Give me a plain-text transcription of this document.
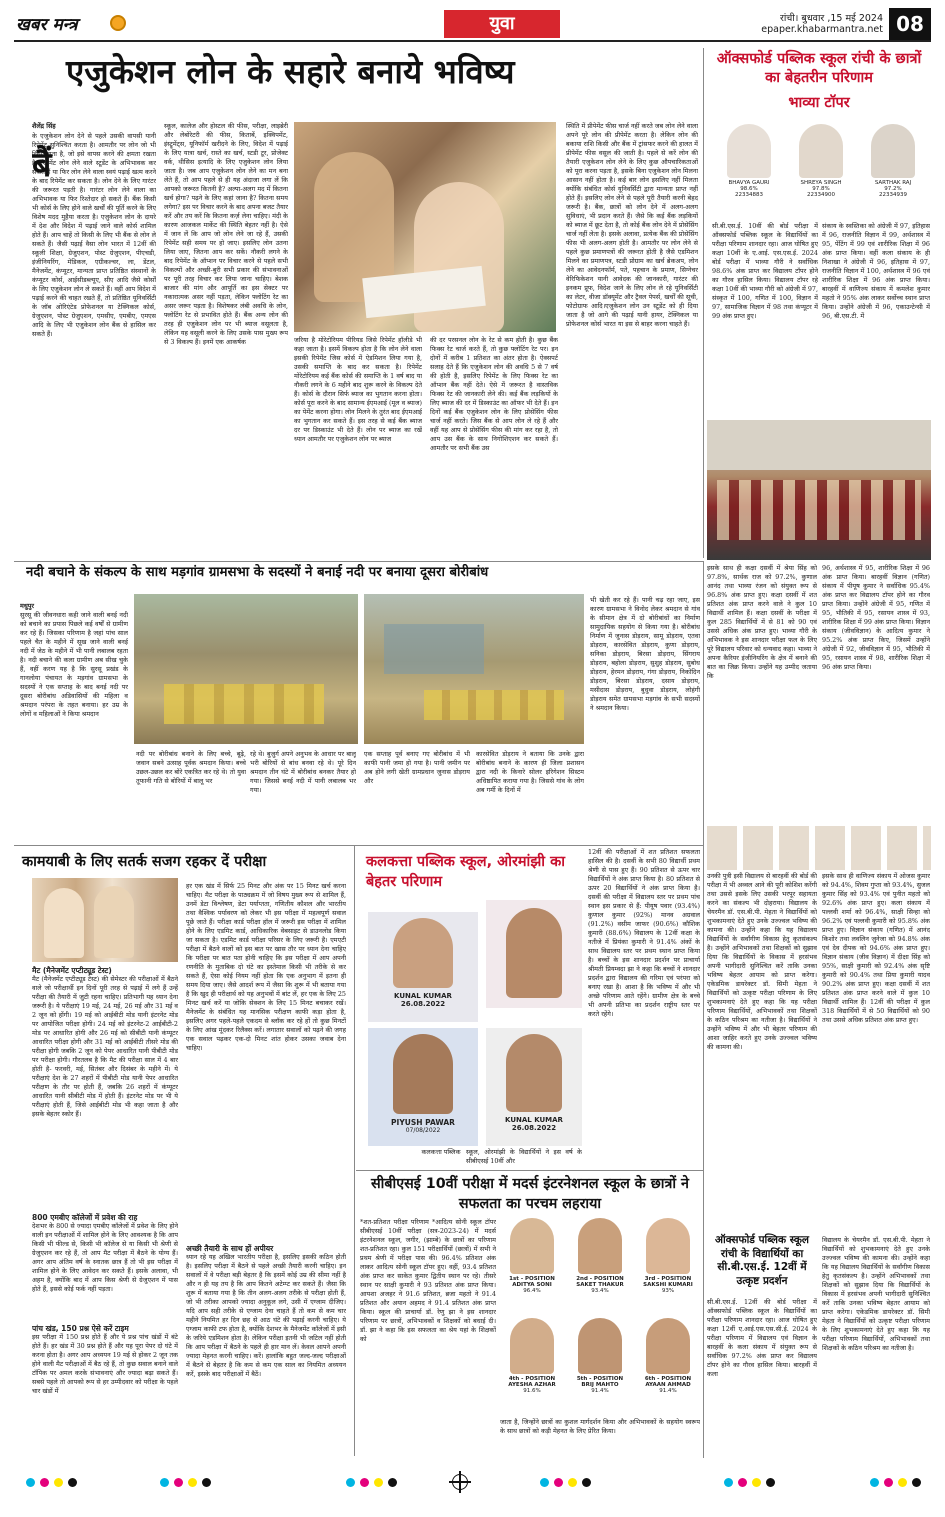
खबर मन्त्र	युवा	रांची। बुधवार ,15 मई 2024
epaper.khabarmantra.net 08
एजुकेशन लोन के सहारे बनाये भविष्य
शैलेंद्र सिंह
बैं
के एजुकेशन लोन देने से पहले उसकी वापसी यानी रिपेमेंट सुनिश्चित करता है। आमतौर पर लोन जो भी दिया जाता है, जो इसे वापस करने की क्षमता रखता है। रिपेमेंट लोन लेने वाले स्टूडेंट के अभिभावक कर सकते हैं या फिर लोन लेने वाला स्वयं पढ़ाई खत्म करने के बाद रिपेमेंट कर सकता है। लोन देने के लिए गारंटर की जरूरत पड़ती है। गारंटर लोन लेने वाला का अभिभावक या फिर रिश्तेदार हो सकते हैं। बैंक किसी भी कोर्स के लिए होने वाले खर्चों की पूर्ति करने के लिए विशेष मदद मुहैया करता है। एजुकेशन लोन के दायरे में देश और विदेश में पढ़ाई जाने वाले कोर्स शामिल होते हैं। आप चाहें तो किसी के लिए भी बैंक से लोन ले सकते हैं। जैसी पढ़ाई वैसा लोन भारत में 12वीं की स्कूली शिक्षा, ग्रेजुएशन, पोस्ट ग्रेजुएशन, पीएचडी, इंजीनियरिंग, मेडिकल, एग्रीकल्चर, ला, डेंटल, मैनेजमेंट, कंप्यूटर, मान्यता प्राप्त प्रतिष्ठित संस्थानों के कंप्यूटर कोर्स, आईसीडब्ल्यूए, सीए आदि जैसे कोर्सों के लिए एजुकेशन लोन ले सकते हैं। वहीं आप विदेश में पढ़ाई करने की चाहत रखते हैं, तो प्रतिष्ठित यूनिवर्सिटी के जॉब ओरिएंटेड प्रोफेशनल या टेक्निकल कोर्स, ग्रेजुएशन, पोस्ट ग्रेजुएशन, एमसीए, एमबीए, एमएस आदि के लिए भी एजुकेशन लोन बैंक से हासिल कर सकते हैं।
स्कूल, कालेज और होस्टल की फीस, परीक्षा, लाइब्रेरी और लेबोरेटरी की फीस, किताबें, इक्विपमेंट, इंस्ट्रूमेंट्स, यूनिफॉर्म खरीदने के लिए, विदेश में पढ़ाई के लिए यात्रा खर्च, रास्ते का खर्च, स्टडी टूर, प्रोजेक्ट वर्क, थीसिस इत्यादि के लिए एजुकेशन लोन लिया जाता है। जब आप एजुकेशन लोन लेने का मन बना लेते हैं, तो आप पहले से ही यह अंदाजा लगा लें कि आपको जरूरत कितनी है? अल्पा-अलग मद में कितना खर्च होगा? पढ़ने के लिए कहां जाना है? कितना समय लगेगा? इस पर विचार करने के बाद अपना बजट तैयार करें और तय करें कि कितना कर्ज़ लेना चाहिए। मंदी के कारण आजकल मार्केट की स्थिति बेहतर नहीं है। ऐसे में जान लें कि आप जो लोन लेने जा रहे हैं, उसकी रिपेमेंट सही समय पर हो जाए। इसलिए लोन उतना लिया जाए, जितना आप कर सकें। नौकरी लगने के बाद रिपेमेंट के ऑप्शन पर विचार करने से पहले सभी विकल्पों और अच्छी-बुरी सभी प्रकार की संभावनाओं पर पूरी तरह विचार कर लिया जाना चाहिए। बेशक बाजार की मांग और आपूर्ति का इस सेक्टर पर नकारात्मक असर नहीं पड़ता, लेकिन फ्लोटिंग रेट का असर जरूर पड़ता है। विशेषकर लंबी अवधि के लोन, फ्लोटिंग रेट से प्रभावित होते हैं। बैंक अन्य लोन की तरह ही एजुकेशन लोन पर भी ब्याज वसूलता है, लेकिन यह वसूली करने के लिए उसके पास मुख्य रूप से 3 विकल्प हैं। इनमें एक आकर्षक	जरिया है मोरेटोरियम पीरियड जिसे रिपेमेंट हॉलीडे भी कहा जाता है। इसमें विकल्प होता है कि लोन लेने वाला इसकी रिपेमेंट जिस कोर्स में ऐडमिशन लिया गया है, उसकी समाप्ति के बाद कर सकता है। रिपेमेंट मोरेटोरियम कई बैंक कोर्स की समाप्ति के 1 वर्ष बाद या नौकरी लगने के 6 महीने बाद शुरू करने के विकल्प देते हैं। कोर्स के दौरान सिर्फ ब्याज का भुगतान करना होता। कोर्स पूरा करने के बाद सामान्य ईएमआई (मूल व ब्याज) का पेमेंट करना होगा। लोन मिलने के तुरंत बाद ईएमआई का भुगतान कर सकते हैं। इस तरह से कई बैंक ब्याज दर पर डिस्काउंट भी देते हैं। लोन पर ब्याज का रखें ध्यान आमतौर पर एजुकेशन लोन पर ब्याज
की दर परसनल लोन के रेट से कम होती है। कुछ बैंक फिक्स रेट चार्ज करते हैं, तो कुछ फ्लोटिंग रेट पर। इन दोनों में करीब 1 प्रतिशत का अंतर होता है। ऐक्सपर्ट सलाह देते हैं कि एजुकेशन लोन की अवधि 5 से 7 वर्ष की होती है, इसलिए रिपेमेंट के लिए फिक्स रेट का ऑप्शन बैंक नहीं देते। ऐसे में जरूरत है वास्तविक फिक्स रेट की जानकारी लेने की। कई बैंक लड़कियों के लिए ब्याज की दर में डिस्काउंट का ऑफर भी देते हैं। इन दिनों कई बैंक एजुकेशन लोन के लिए प्रोसेसिंग फीस चार्ज नहीं करते। जिस बैंक से आप लोन ले रहे हैं और वहीं यह आप से प्रोसेसिंग फीस की मांग कर रहा है, तो आप उस बैंक के साथ निगोशिएशन कर सकते हैं। आमतौर पर सभी बैंक उस
स्थिति में प्रीपेमेंट फीस चार्ज नहीं करते जब लोन लेने वाला अपने पूरे लोन की प्रीपेमेंट करता है। लेकिन लोन की बकाया राशि किसी और बैंक में ट्रांसफर करने की हालत में प्रीपेमेंट फीस वसूल की जाती है। पहले से करें लोन की तैयारी एजुकेशन लोन लेने के लिए कुछ औपचारिकताओं को पूरा करना पड़ता है, इसके बिना एजुकेशन लोन मिलना आसान नहीं होता है। कई बार लोन इसलिए नहीं मिलता क्योंकि संबंधित कोर्स यूनिवर्सिटी द्वारा मान्यता प्राप्त नहीं होते हैं। इसलिए लोन लेने से पहले पूरी तैयारी करनी बेहद जरूरी है। बैंक, छात्रों को लोन देने में अलग-अलग सुविधाएं, भी प्रदान करते हैं। जैसे कि कई बैंक लड़कियों को ब्याज में छूट देता है, तो कोई बैंक लोन देने में प्रोसेसिंग चार्ज नहीं लेता है। इसके अलावा, प्रत्येक बैंक की प्रोसेसिंग फीस भी अलग-अलग होती है। आमतौर पर लोन लेने से पहले कुछ प्रमाणपत्रों की जरूरत होती है जैसे एडमिशन मिलने का प्रमाणपत्र, स्टडी प्रोग्राम का खर्च ब्रेकअप, लोन लेने का आवेदनफॉर्म, पते, पहचान के प्रमाण, सिग्नेचर वेरिफिकेशन यानी आवेदक की जानकारी, गारंटर की इनकम प्रूफ, विदेश जाने के लिए लोन ले रहे यूनिवर्सिटी का लेटर, वीजा डॉक्यूमेंट और ट्रैवल पेपर्स, खर्चों की सूची, फोटोग्राफ आदि।एजुकेशन लोन उन स्टूडेंट को ही दिया जाता है जो आगे की पढ़ाई यानी हायर, टेक्निकल या प्रोफेशनल कोर्स भारत या इस से बाहर करना चाहते हैं।
ऑक्सफोर्ड पब्लिक स्कूल रांची के छात्रों का बेहतरीन परिणाम
भाव्या टॉपर
BHAVYA GAURI
98.6%
22334883
SHREYA SINGH
97.8%
22334900
SARTHAK RAJ
97.2%
22334939
सी.बी.एस.ई. 10वीं की बोर्ड परीक्षा में ऑक्सफोर्ड पब्लिक स्कूल के विद्यार्थियों का परीक्षा परिणाम शानदार रहा। आज घोषित हुए कक्षा 10वीं के ए.आई. एस.एस.ई. 2024 बोर्ड परीक्षा में भाव्या गौरी ने सर्वाधिक 98.6% अंक प्राप्त कर विद्यालय टॉपर होने का गौरव हासिल किया। विद्यालय टॉपर रहे कक्षा 10वीं की भाव्या गौरी को अंग्रेजी में 97, संस्कृत में 100, गणित में 100, विज्ञान में 97, सामाजिक विज्ञान में 98 तथा कंप्यूटर में 99 अंक प्राप्त हुए।
संकाय के स्वस्तिका को अंग्रेजी में 97, इतिहास में 96, राजनीति विज्ञान में 99, अर्थशास्त्र में 95, पेंटिंग में 99 एवं शारीरिक शिक्षा में 96 अंक प्राप्त किया। वहीं कला संकाय के ही निशाखा ने अंग्रेजी में 96, इतिहास में 97, राजनीति विज्ञान में 100, अर्थशास्त्र में 96 एवं शारीरिक शिक्षा में 96 अंक प्राप्त किया। बारहवीं में वाणिज्य संकाय में कमलेश कुमार महतो ने 95% अंक लाकर सर्वोच्च स्थान प्राप्त किया। उन्होंने अंग्रेजी में 96, एकाउन्टेन्सी में 96, बी.एस.टी. में
इसके साथ ही कक्षा दसवीं में श्रेया सिंह को 97.8%, सार्थक राज को 97.2%, कुणाल आनंद तथा भाव्या रंजन को संयुक्त रूप से 96.8% अंक प्राप्त हुए। कक्षा दसवीं में शत प्रतिशत अंक प्राप्त करने वाले ने कुल 10 विद्यार्थी शामिल हैं। कक्षा दसवीं के परीक्षा में कुल 285 विद्यार्थियों में से 81 को 90 एवं उससे अधिक अंक प्राप्त हुए। भाव्या गौरी के अभिभावक ने इस शानदार परीक्षा फल के लिए पूरे विद्यालय परिवार को धन्यवाद कहा। भाव्या ने अपना कैरियर इंजीनियरिंग के क्षेत्र में बनाने की बात का जिक्र किया। उन्होंने यह उम्मीद जताया कि
96, अर्थशास्त्र में 95, शारीरिक शिक्षा में 96 अंक प्राप्त किया। बारहवीं विज्ञान (गणित) संकाय में पीयूष कुमार ने सर्वाधिक 95.4% अंक प्राप्त कर विद्यालय टॉपर होने का गौरव प्राप्त किया। उन्होंने अंग्रेजी में 95, गणित में 95, भौतिकी में 95, रसायन शास्त्र में 93, शारीरिक शिक्षा में 99 अंक प्राप्त किया। विज्ञान संकाय (जीवविज्ञान) के आदित्य कुमार ने 95.2% अंक प्राप्त किए, जिसमें उन्होंने अंग्रेजी में 92, जीवविज्ञान में 95, भौतिकी में 95, रसायन शास्त्र में 98, शारीरिक शिक्षा में 96 अंक प्राप्त किया।
नदी बचाने के संकल्प के साथ मड़गांव ग्रामसभा के सदस्यों ने बनाई नदी पर बनाया दूसरा बोरीबांध
मधुपुर
सुरसू की जीवनधारा कही जाने वाली बनई नदी को बचाने का प्रयास पिछले कई वर्षों से ग्रामीण कर रहे हैं। जिसका परिणाम है जहां पांच साल पहले चैत के महीने में सूख जाने वाली बनई नदी में जेठ के महीने में भी पानी लबालब रहता है। नदी बचाने की कला ग्रामीण अब सीख चुके हैं, वहीं करण यह है कि सुरसू प्रखंड के गानलोया पंचायत के मड़गांव ग्रामसभा के सदस्यों ने एक सप्ताह के बाद बनई नदी पर दूसरा बोरीबांध अडिवासियों की महिला व श्रमदान परंपरा के तहत बनाया। हर उम्र के लोगों व महिलाओं ने किया श्रमदान
नदी पर बोरीबांध बनाने के लिए बच्चे, बूढ़े, जवान सबने उत्साह पूर्वक श्रमदान किया। बच्चे उछल-उछल कर बोरे एकत्रित कर रहे थे। तो युवा तूफानी गति से बोरियों में बालू भर
रहे थे। बुजुर्ग अपने अनुभव के आधार पर बालू भरी बोरियों से बांध बनवा रहे थे। पूरे दिन श्रमदान तीन घंटे में बोरीबांध बनकर तैयार हो गया। जिससे बनई नदी में पानी लबालब भर गया।
एक सप्ताह पूर्व बनाए गए बोरीबांध में भी काफी पानी जमा हो गया है। पानी जमीन पर अब होने लगी खेती ग्रामप्रधान जुनास डोड़राय और
कारसेवित डोड़राय ने बताया कि उनके द्वारा बोरीबांध बनाने के कारण ही जिला प्रशासन द्वारा नदी के किनारे सोलर इरिगेशन सिस्टम अधिष्ठापित कराया गया है। जिससे गांव के लोग अब गर्मी के दिनों में
भी खेती कर रहे हैं। पानी चढ़ रहा जाए, इस कारण ग्रामसभा ने विनोद लेकर श्रमदान से गांव के सीमान क्षेत्र में दो बोरीबांधों का निर्माण सामुदायिक सहयोग से किया गया है। बोरीबांध निर्माण में जुनास डोड़राय, सामू डोड़राय, एतवा डोड़राय, कारसेवित डोड़राय, कुणा डोड़राय, सनिका डोड़राय, बिरसा डोड़राय, सिंगराय डोड़राय, बहोला डोड़राय, सुशुह डोड़राय, सुबोध डोड़राय, हेरमन डोड़राय, गंगा डोड़राय, निकोदिन डोड़राय, बिरसा डोड़राय, दसाय डोड़राय, मसीदास डोड़राय, बुधुवा डोड़राय, लोहंगी डोड़राय समेत ग्रामसभा मड़गांव के सभी सदस्यों ने श्रमदान किया।
उनकी पुत्री इसी विद्यालय से बारहवीं की बोर्ड की परीक्षा में भी अव्वल आने की पूरी कोशिश करेंगी तथा उससे इसके लिए उसकी भरपूर सहायता करने का संकल्प भी दोहराया। विद्यालय के चेयरमैन डॉ. एस.बी.पी. मेहता ने विद्यार्थियों को शुभकामनाएं देते हुए उनके उज्ज्वल भविष्य की कामना की। उन्होंने कहा कि यह विद्यालय विद्यार्थियों के सर्वांगीण विकास हेतु कृतसंकल्प है। उन्होंने अभिभावकों तथा शिक्षकों को सुझाव दिया कि विद्यार्थियों के विकास में हरसंभव अपनी भागीदारी सुनिश्चित करें ताकि उनका भविष्य बेहतर आयाम को प्राप्त करेगा। एकेडमिक डायरेक्टर डॉ. सिमी मेहता ने विद्यार्थियों को उत्कृष्ट परीक्षा परिणाम के लिए शुभकामनाएं देते हुए कहा कि यह परीक्षा परिणाम विद्यार्थियों, अभिभावकों तथा शिक्षकों के कठिन परिश्रम का नतीजा है। विद्यार्थियों ने उन्होंने भविष्य में और भी बेहतर परिणाम की आशा जाहिर करते हुए उनके उज्ज्वल भविष्य की कामना की।
इसके साथ ही वाणिज्य संकाय में ओजस कुमार को 94.4%, शिवम गुप्ता को 93.4%, सुजल कुमार सिंह को 93.4% एवं पुनीत महतो को 92.6% अंक प्राप्त हुए। कला संकाय में पल्लवी शर्मा को 96.4%, साक्षी सिन्हा को 96.2% एवं पल्लवी कुमारी को 95.8% अंक प्राप्त हुए। विज्ञान संकाय (गणित) में आनंद किशोर तथा लवलिन जुनेजा को 94.8% अंक एवं देव दीपक को 94.6% अंक प्राप्त हुए। विज्ञान संकाय (जीव विज्ञान) में दीक्षा सिंह को 95%, साक्षी कुमारी को 92.4% अंक सृष्टि कुमारी को 90.4% तथा प्रिया कुमारी यादव 90.2% अंक प्राप्त हुए। कक्षा दसवीं में शत प्रतिशत अंक प्राप्त करने वाले में कुल 10 विद्यार्थी शामिल हैं। 12वीं की परीक्षा में कुल 318 विद्यार्थियों में से 50 विद्यार्थियों को 90 तथा उससे अधिक प्रतिशत अंक प्राप्त हुए।
ऑक्सफोर्ड पब्लिक स्कूल रांची के विद्यार्थियों का सी.बी.एस.ई. 12वीं में उत्कृष्ट प्रदर्शन
सी.बी.एस.ई. 12वीं की बोर्ड परीक्षा में ऑक्सफोर्ड पब्लिक स्कूल के विद्यार्थियों का परीक्षा परिणाम शानदार रहा। आज घोषित हुए कक्षा 12वीं ए.आई.एस.एस.सी.ई. 2024 के परीक्षा परिणाम में विद्यालय एवं विज्ञान के बारहवीं के कला संकाय में संयुक्त रूप से सर्वाधिक 97.2% अंक प्राप्त कर विद्यालय टॉपर होने का गौरव हासिल किया। बारहवीं में कला
विद्यालय के चेयरमैन डॉ. एस.बी.पी. मेहता ने विद्यार्थियों को शुभकामनाएं देते हुए उनके उज्ज्वल भविष्य की कामना की। उन्होंने कहा कि यह विद्यालय विद्यार्थियों के सर्वांगीण विकास हेतु कृतसंकल्प है। उन्होंने अभिभावकों तथा शिक्षकों को सुझाव दिया कि विद्यार्थियों के विकास में हरसंभव अपनी भागीदारी सुनिश्चित करें ताकि उनका भविष्य बेहतर आयाम को प्राप्त करेगा। एकेडमिक डायरेक्टर डॉ. सिमी मेहता ने विद्यार्थियों को उत्कृष्ट परीक्षा परिणाम के लिए शुभकामनाएं देते हुए कहा कि यह परीक्षा परिणाम विद्यार्थियों, अभिभावकों तथा शिक्षकों के कठिन परिश्रम का नतीजा है।
कामयाबी के लिए सतर्क सजग रहकर दें परीक्षा
मैट (मैनेजमेंट एप्टीट्यूड टेस्ट)
मैट (मैनेजमेंट एप्टीट्यूड टेस्ट) की सेमेस्टर की परीक्षाओं में बैठने वाले जो परीक्षार्थी इन दिनों पूरी तरह से पढ़ाई में लगे हैं उन्हें परीक्षा की तैयारी में जुटी रहना चाहिए। प्रतिभागी यह ध्यान देना जरूरी है। ये परीक्षाएं 19 मई, 24 मई, 26 मई और 31 मई व 2 जून को होंगी। 19 मई को आईबीटी मोड यानी इंटरनेट मोड पर आयोजित परीक्षा होगी। 24 मई को इंटरनेट-2 आईबीटी-2 मोड पर आधारित होगी और 26 मई को सीबीटी यानी कंप्यूटर आधारित परीक्षा होगी और 31 मई को आईबीटी तीसरे मोड की परीक्षा होगी जबकि 2 जून को पेपर आधारित यानी पीबीटी मोड पर परीक्षा होगी। गौरतलब है कि मैट की परीक्षा साल में 4 बार होती है- फरवरी, मई, सितंबर और दिसंबर के महीने में। ये परीक्षाएं देश के 27 शहरों में पीबीटी मोड यानी पेपर आधारित परीक्षण के तौर पर होती हैं, जबकि 26 शहरों में कंप्यूटर आधारित यानी सीबीटी मोड में होती हैं। इंटरनेट मोड पर भी ये परीक्षाएं होती हैं, जिसे आईबीटी मोड भी कहा जाता है और इसके बेहतर स्कोर हैं।
800 एमबीए कॉलेजों में प्रवेश की राह
देशभर के 800 से ज्यादा एमबीए कॉलेजों में प्रवेश के लिए होने वाली इन परीक्षाओं में शामिल होने के लिए आवश्यक है कि आप किसी भी फील्ड से, किसी भी कॉलेज से या किसी भी श्रेणी से ग्रेजुएशन कर रहे हैं, तो आप मैट परीक्षा में बैठने के योग्य हैं। अगर आप अंतिम वर्ष के स्नातक छात्र हैं तो भी इस परीक्षा में शामिल होने के लिए आवेदन कर सकते हैं। इसके अलावा, भी अहम है, क्योंकि बाद में आप किस श्रेणी से ग्रेजुएशन में पास होते हैं, इससे कोई फर्क नहीं पड़ता।
पांच खंड, 150 प्रश्न ऐसे करें टाइम
इस परीक्षा में 150 प्रश्न होते हैं और ये प्रश्न पांच खंडों में बंटे होते हैं। हर खंड में 30 प्रश्न होते हैं और यह पूरा पेपर दो घंटे में करना होता है। अगर आप अध्ययन 19 मई से होकर 2 जून तक होने वाली मैट परीक्षाओं में बैठ रहे हैं, तो कुछ सवाल बनाने वाले टॉपिक पर अमल करके संभावनाएं और ज्यादा बढ़ा सकते हैं। सबसे पहले तो आपको रूप से हर उम्मीदवार को परीक्षा के पहले चार खंडों में
हर एक खंड में सिर्फ 25 मिनट और अंक पर 15 मिनट खर्च करना चाहिए। मैट परीक्षा के पाठ्यक्रम में जो विषय मुख्य रूप से शामिल हैं, उनमें डेटा विश्लेषण, डेटा पर्याप्तता, गणितीय कौशल और भारतीय तथा वैश्विक पर्यावरण को लेकर भी इस परीक्षा में महत्वपूर्ण सवाल पूछे जाते हैं। परीक्षा कार्ड परीक्षा हॉल में जरूरी इस परीक्षा में शामिल होने के लिए एडमिट कार्ड, आधिकारिक वेबसाइट से डाउनलोड किया जा सकता है। एडमिट कार्ड परीक्षा परिसर के लिए जरूरी है। एमएटी परीक्षा में बैठने वालों को इस बात पर खास तौर पर ध्यान देना चाहिए कि परीक्षा पर बात पता होनी चाहिए कि इस परीक्षा में आप अपनी रणनीति के मुताबिक दो घंटे का इस्तेमाल किसी भी तरीके से कर सकते हैं, ऐसा कोई नियम नहीं होता कि एक अनुभाग में इतना ही समय दिया जाए। जैसे आदर्श रूप में जैसा कि शुरू में भी बताया गया है कि खुद ही परीक्षार्थ को यह अनुभवों में बांट लें, हर एक के लिए 25 मिनट खर्च करें या जोकि सेक्शन के लिए 15 मिनट बचाकर रखें। मैनेजमेंट के संबंधित यह मानसिक परीक्षण काफी कड़ा होता है, इसलिए अगर पहले-पहले एकदम से ब्लॉक कर रहे हों तो कुछ मिनटों के लिए आंख मूंदकर रिलैक्स करें। लगातार सवालों को पढ़ने की जगह एक सवाल पढ़कर एक-दो मिनट शांत होकर उसका जवाब देना चाहिए।
अच्छी तैयारी के साथ हों अपीयर
ध्यान रहे यह अखिल भारतीय परीक्षा है, इसलिए इसकी कठिन होती है। इसलिए परीक्षा में बैठने से पहले अच्छी तैयारी करनी चाहिए। इन सवालों में वे परीक्षा बड़ी बेहतर है कि इसमें कोई उम्र की सीमा नहीं है और न ही यह तय है कि आप कितने अटेम्प्ट कर सकते हैं। जैसा कि शुरू में बताया गया है कि तीन अलग-अलग तरीके से परीक्षा होती हैं, जो भी तरीका आपको ज्यादा अनुकूल लगे, उसी में एग्जाम दीजिए। यदि आप सही तरीके से एग्जाम देना चाहते हैं तो कम से कम चार महीने नियमित हर दिन छह से आठ घंटे की पढ़ाई करनी चाहिए। ये एग्जाम काफी टफ होता है, क्योंकि देशभर के मैनेजमेंट कॉलेजों में इसी के जरिये एडमिशन होता है। लेकिन परीक्षा इतनी भी जटिल नहीं होती कि आप परीक्षा में बैठने के पहले ही हार मान लें। केवल आपने अपनी ज्यादा मेहनत करनी चाहिए। करें। हालांकि बहुत जल्द-जल्द परीक्षाओं में बैठने से बेहतर है कि कम से कम एक साल का नियमित अध्ययन करें, इसके बाद परीक्षाओं में बैठें।
कलकत्ता पब्लिक स्कूल, ओरमांझी का बेहतर परिणाम
KUNAL KUMAR
26.08.2022
PIYUSH PAWAR
07/08/2022
KUNAL KUMAR
26.08.2022
कलकत्ता पब्लिक स्कूल, ओरमांझी के विद्यार्थियों ने इस वर्ष के सीबीएसई 10वीं और
12वीं की परीक्षाओं में शत प्रतिशत सफलता हासिल की है। दसवीं के सभी 80 विद्यार्थी प्रथम श्रेणी से पास हुए हैं। 90 प्रतिशत से ऊपर चार विद्यार्थियों ने अंक प्राप्त किया है। 80 प्रतिशत से ऊपर 20 विद्यार्थियों ने अंक प्राप्त किया है। दसवीं की परीक्षा में विद्यालय स्तर पर प्रथम पांच स्थान इस प्रकार से हैं: पीयूष पवार (93.4%) कुणाल कुमार (92%) मानव अग्रवाल (91.2%) वसीम जाफर (90.6%) कौशिक कुमारी (88.6%) विद्यालय के 12वीं कक्षा के नतीजे में प्रियंका कुमारी ने 91.4% अंकों के साथ विद्यालय स्तर पर प्रथम स्थान प्राप्त किया है। बच्चों के इस शानदार प्रदर्शन पर प्राचार्या श्रीमती प्रियम्वदा झा ने कहा कि बच्चों ने शानदार प्रदर्शन द्वारा विद्यालय की गरिमा एवं परंपरा को बनाए रखा है। आशा है कि भविष्य में और भी अच्छे परिणाम आते रहेंगे। ग्रामीण क्षेत्र के बच्चे भी अपनी प्रतिभा का प्रदर्शन राष्ट्रीय स्तर पर करते रहेंगे।
सीबीएसई 10वीं परीक्षा में मदर्स इंटरनेशनल स्कूल के छात्रों ने सफलता का परचम लहराया
*शत-प्रतिशत परीक्षा परिणाम *आदित्य सोनी स्कूल टॉपर सीबीएसई 10वीं परीक्षा (सत्र-2023-24) में मदर्स इंटरनेशनल स्कूल, जगीर, (झाम्बे) के छात्रों का परिणाम शत-प्रतिशत रहा। कुल 151 परीक्षार्थियों (छात्रों) में सभी ने प्रथम श्रेणी में परीक्षा पास की। 96.4% प्रतिशत अंक लाकर आदित्य सोनी स्कूल टॉपर हुए। वहीं, 93.4 प्रतिशत अंक प्राप्त कर साकेत कुमार द्वितीय स्थान पर रहे। तीसरे स्थान पर साक्षी कुमारी ने 93 प्रतिशत अंक प्राप्त किया। आयशा अजहर ने 91.6 प्रतिशत, ब्रजा महतो ने 91.4 प्रतिशत और अयान अहमद ने 91.4 प्रतिशत अंक प्राप्त किया। स्कूल की प्राचार्या डॉ. रेणु झा ने इस शानदार परिणाम पर छात्रों, अभिभावकों व शिक्षकों को बधाई दी। डॉ. झा ने कहा कि इस सफलता का श्रेय यहां के शिक्षकों को
1st - POSITION
ADITYA SONI
96.4%
2nd - POSITION
SAKET THAKUR
93.4%
3rd - POSITION
SAKSHI KUMARI
93%
4th - POSITION
AYESHA AZHAR
91.6%
5th - POSITION
BRIJ MAHTO
91.4%
6th - POSITION
AYAAN AHMAD
91.4%
जाता है, जिन्होंने छात्रों का कुशल मार्गदर्शन किया और अभिभावकों के सहयोग स्वरूप के साथ छात्रों को कड़ी मेहनत के लिए प्रेरित किया।
